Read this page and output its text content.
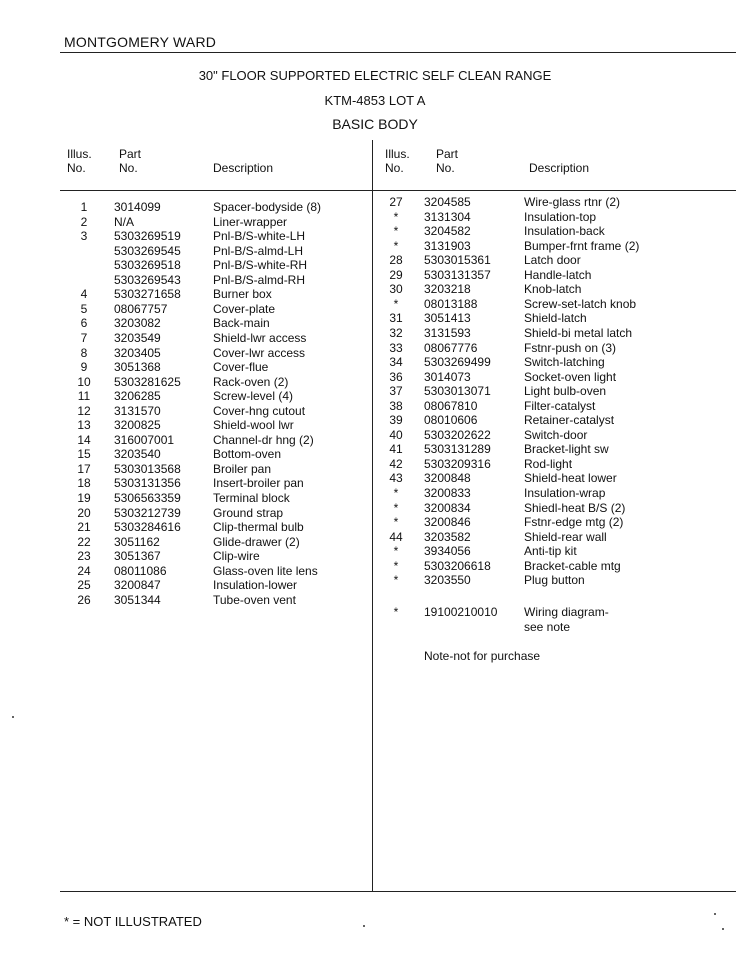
MONTGOMERY WARD
30" FLOOR SUPPORTED ELECTRIC SELF CLEAN RANGE
KTM-4853 LOT A
BASIC BODY
Illus.
No.
Part
No.	Description
Illus.
No.
Part
No.	Description
1	3014099	Spacer-bodyside (8)
2	N/A	Liner-wrapper
3	5303269519	Pnl-B/S-white-LH
5303269545	Pnl-B/S-almd-LH
5303269518	Pnl-B/S-white-RH
5303269543	Pnl-B/S-almd-RH
4	5303271658	Burner box
5	08067757	Cover-plate
6	3203082	Back-main
7	3203549	Shield-lwr access
8	3203405	Cover-lwr access
9	3051368	Cover-flue
10	5303281625	Rack-oven (2)
11	3206285	Screw-level (4)
12	3131570	Cover-hng cutout
13	3200825	Shield-wool lwr
14	316007001	Channel-dr hng (2)
15	3203540	Bottom-oven
17	5303013568	Broiler pan
18	5303131356	Insert-broiler pan
19	5306563359	Terminal block
20	5303212739	Ground strap
21	5303284616	Clip-thermal bulb
22	3051162	Glide-drawer (2)
23	3051367	Clip-wire
24	08011086	Glass-oven lite lens
25	3200847	Insulation-lower
26	3051344	Tube-oven vent
27	3204585	Wire-glass rtnr (2)
*	3131304	Insulation-top
*	3204582	Insulation-back
*	3131903	Bumper-frnt frame (2)
28	5303015361	Latch door
29	5303131357	Handle-latch
30	3203218	Knob-latch
*	08013188	Screw-set-latch knob
31	3051413	Shield-latch
32	3131593	Shield-bi metal latch
33	08067776	Fstnr-push on (3)
34	5303269499	Switch-latching
36	3014073	Socket-oven light
37	5303013071	Light bulb-oven
38	08067810	Filter-catalyst
39	08010606	Retainer-catalyst
40	5303202622	Switch-door
41	5303131289	Bracket-light sw
42	5303209316	Rod-light
43	3200848	Shield-heat lower
*	3200833	Insulation-wrap
*	3200834	Shiedl-heat B/S (2)
*	3200846	Fstnr-edge mtg (2)
44	3203582	Shield-rear wall
*	3934056	Anti-tip kit
*	5303206618	Bracket-cable mtg
*	3203550	Plug button
*	19100210010 Wiring diagram-
see note
Note-not for purchase
* = NOT ILLUSTRATED
